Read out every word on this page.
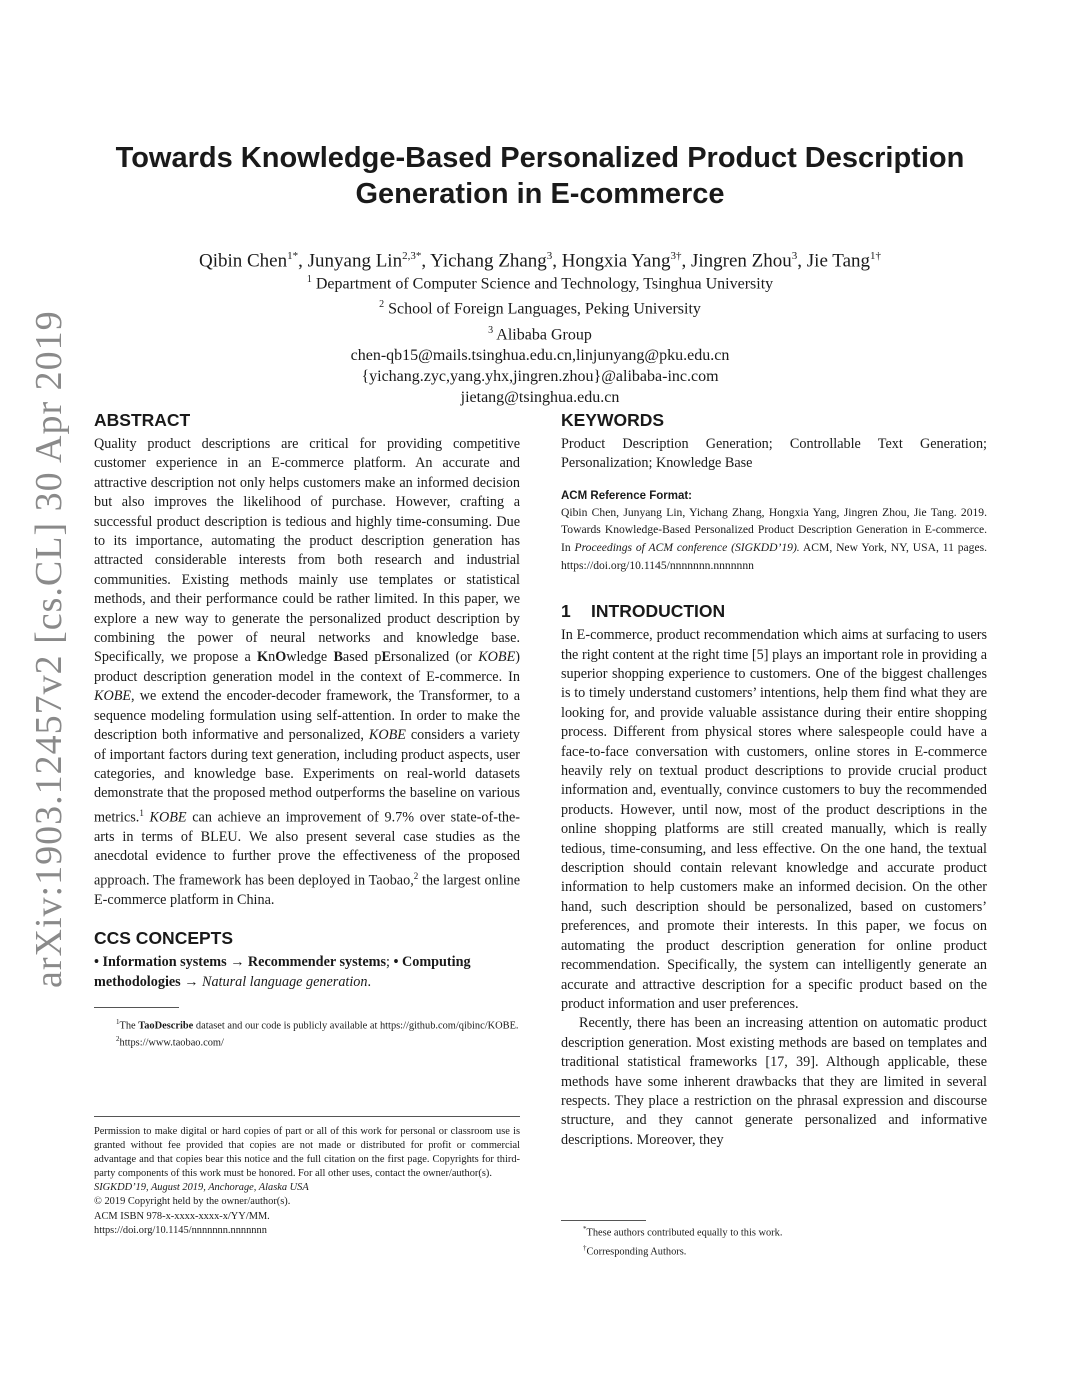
arXiv:1903.12457v2 [cs.CL] 30 Apr 2019
Towards Knowledge-Based Personalized Product Description
Generation in E-commerce
Qibin Chen$^{1*}$, Junyang Lin$^{2,3*}$, Yichang Zhang$^3$, Hongxia Yang$^{3\dagger}$, Jingren Zhou$^3$, Jie Tang$^{1\dagger}$
$^1$ Department of Computer Science and Technology, Tsinghua University
$^2$ School of Foreign Languages, Peking University
$^3$ Alibaba Group
chen-qb15@mails.tsinghua.edu.cn,linjunyang@pku.edu.cn
{yichang.zyc,yang.yhx,jingren.zhou}@alibaba-inc.com
jietang@tsinghua.edu.cn
ABSTRACT

Quality product descriptions are critical for providing competitive customer experience in an E-commerce platform. An accurate and attractive description not only helps customers make an informed decision but also improves the likelihood of purchase. However, crafting a successful product description is tedious and highly time-consuming. Due to its importance, automating the product description generation has attracted considerable interests from both research and industrial communities. Existing methods mainly use templates or statistical methods, and their performance could be rather limited. In this paper, we explore a new way to generate the personalized product description by combining the power of neural networks and knowledge base. Specifically, we propose a KnOwledge Based pErsonalized (or KOBE) product description generation model in the context of E-commerce. In KOBE, we extend the encoder-decoder framework, the Transformer, to a sequence modeling formulation using self-attention. In order to make the description both informative and personalized, KOBE considers a variety of important factors during text generation, including product aspects, user categories, and knowledge base. Experiments on real-world datasets demonstrate that the proposed method outperforms the baseline on various metrics.$^1$ KOBE can achieve an improvement of 9.7% over state-of-the-arts in terms of BLEU. We also present several case studies as the anecdotal evidence to further prove the effectiveness of the proposed approach. The framework has been deployed in Taobao,$^2$ the largest online E-commerce platform in China.

CCS CONCEPTS

• Information systems → Recommender systems; • Computing methodologies → Natural language generation.

$^1$The TaoDescribe dataset and our code is publicly available at https://github.com/qibinc/KOBE.

$^2$https://www.taobao.com/

Permission to make digital or hard copies of part or all of this work for personal or classroom use is granted without fee provided that copies are not made or distributed for profit or commercial advantage and that copies bear this notice and the full citation on the first page. Copyrights for third-party components of this work must be honored. For all other uses, contact the owner/author(s).

SIGKDD’19, August 2019, Anchorage, Alaska USA

© 2019 Copyright held by the owner/author(s).

ACM ISBN 978-x-xxxx-xxxx-x/YY/MM.

https://doi.org/10.1145/nnnnnnn.nnnnnnn

KEYWORDS

Product Description Generation; Controllable Text Generation; Personalization; Knowledge Base

ACM Reference Format:

Qibin Chen, Junyang Lin, Yichang Zhang, Hongxia Yang, Jingren Zhou, Jie Tang. 2019. Towards Knowledge-Based Personalized Product Description Generation in E-commerce. In Proceedings of ACM conference (SIGKDD’19). ACM, New York, NY, USA, 11 pages. https://doi.org/10.1145/nnnnnnn.nnnnnnn

1 INTRODUCTION

In E-commerce, product recommendation which aims at surfacing to users the right content at the right time [5] plays an important role in providing a superior shopping experience to customers. One of the biggest challenges is to timely understand customers’ intentions, help them find what they are looking for, and provide valuable assistance during their entire shopping process. Different from physical stores where salespeople could have a face-to-face conversation with customers, online stores in E-commerce heavily rely on textual product descriptions to provide crucial product information and, eventually, convince customers to buy the recommended products. However, until now, most of the product descriptions in the online shopping platforms are still created manually, which is really tedious, time-consuming, and less effective. On the one hand, the textual description should contain relevant knowledge and accurate product information to help customers make an informed decision. On the other hand, such description should be personalized, based on customers’ preferences, and promote their interests. In this paper, we focus on automating the product description generation for online product recommendation. Specifically, the system can intelligently generate an accurate and attractive description for a specific product based on the product information and user preferences.

Recently, there has been an increasing attention on automatic product description generation. Most existing methods are based on templates and traditional statistical frameworks [17, 39]. Although applicable, these methods have some inherent drawbacks that they are limited in several respects. They place a restriction on the phrasal expression and discourse structure, and they cannot generate personalized and informative descriptions. Moreover, they

*These authors contributed equally to this work.

†Corresponding Authors.
